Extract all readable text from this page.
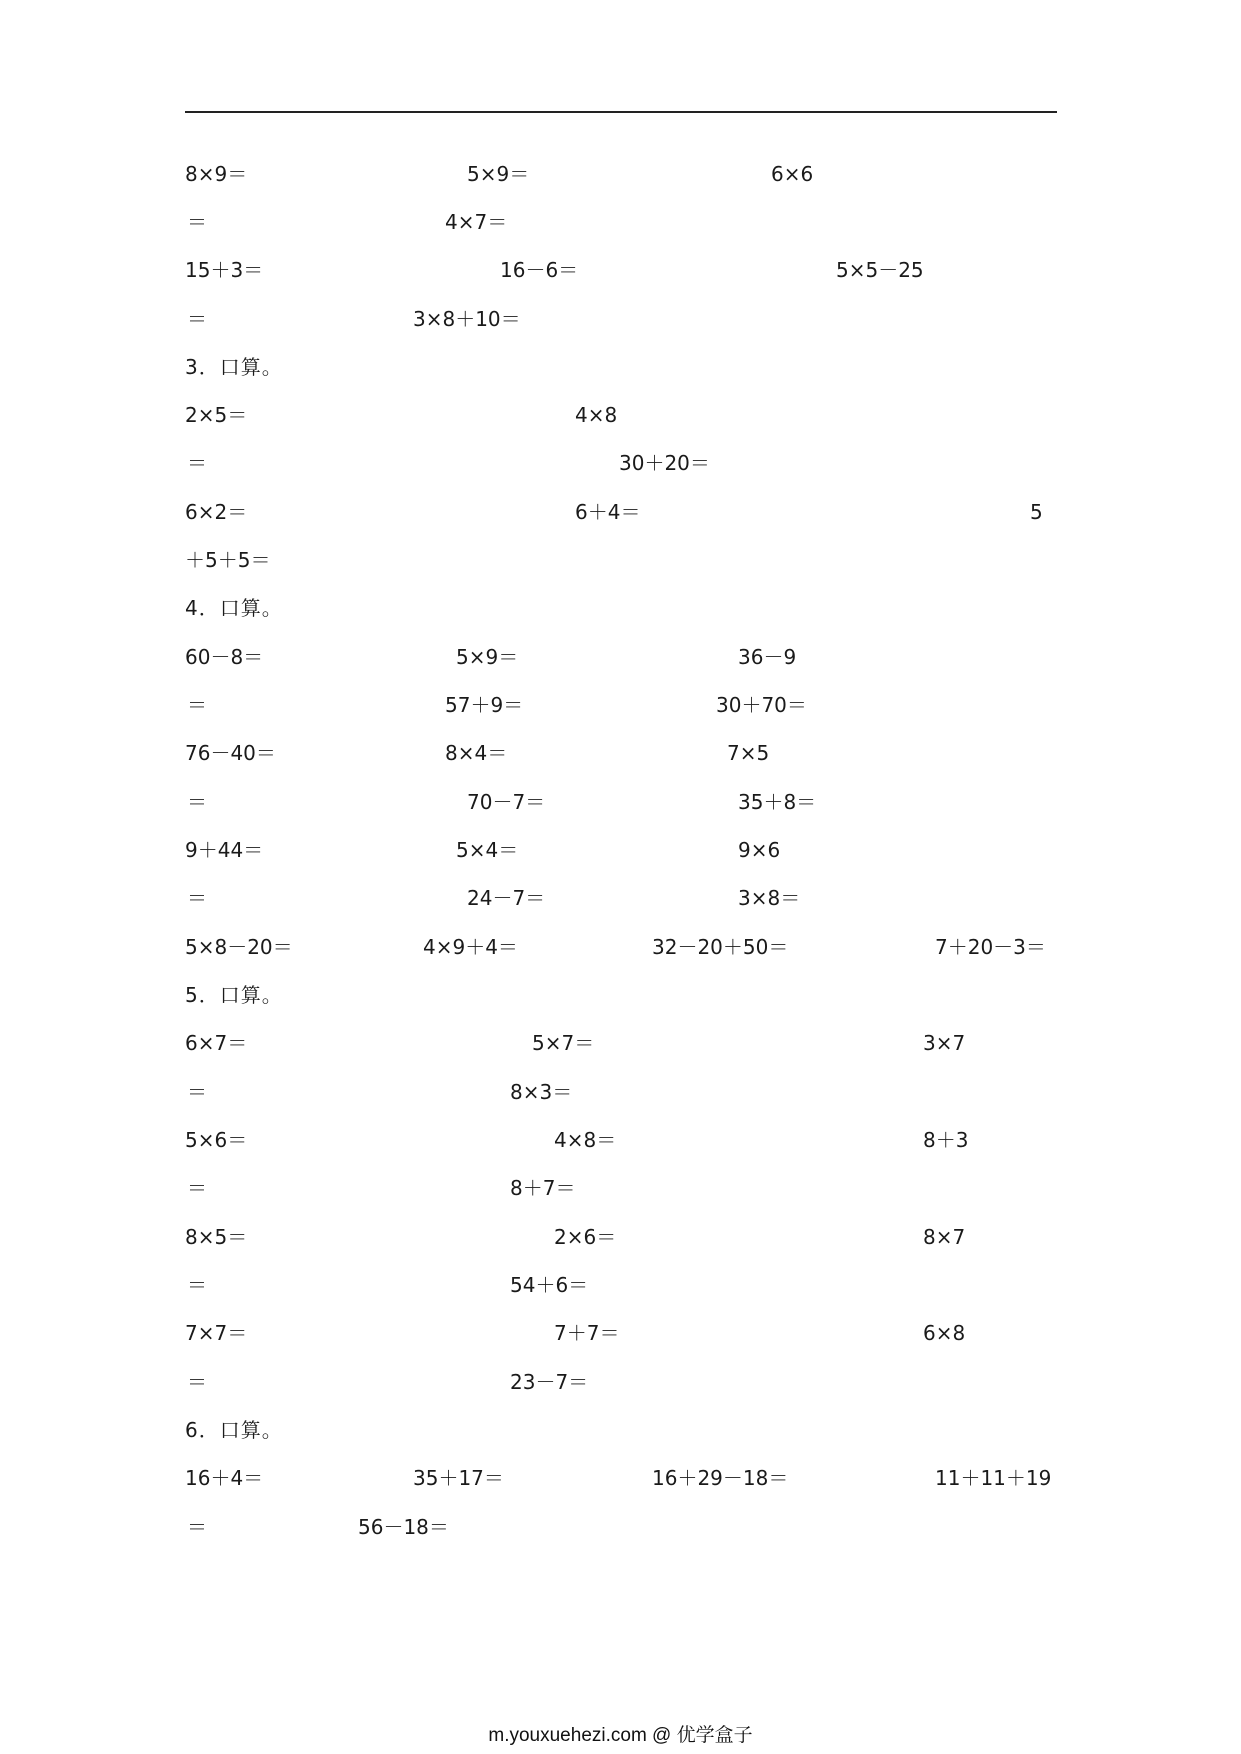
8×9＝	5×9＝	6×6
＝	4×7＝
15＋3＝	16－6＝	5×5－25
＝	3×8＋10＝
3．口算。
2×5＝	4×8
＝	30＋20＝
6×2＝	6＋4＝	5
＋5＋5＝
4．口算。
60－8＝	5×9＝	36－9
＝	57＋9＝	30＋70＝
76－40＝	8×4＝	7×5
＝	70－7＝	35＋8＝
9＋44＝	5×4＝	9×6
＝	24－7＝	3×8＝
5×8－20＝	4×9＋4＝	32－20＋50＝	7＋20－3＝
5．口算。
6×7＝	5×7＝	3×7
＝	8×3＝
5×6＝	4×8＝	8＋3
＝	8＋7＝
8×5＝	2×6＝	8×7
＝	54＋6＝
7×7＝	7＋7＝	6×8
＝	23－7＝
6．口算。
16＋4＝	35＋17＝	16＋29－18＝	11＋11＋19
＝	56－18＝
m.youxuehezi.com @ 优学盒子
